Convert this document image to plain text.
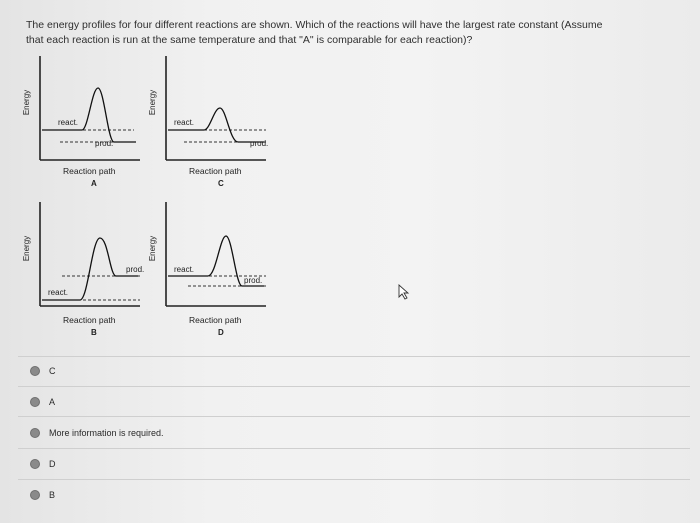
The energy profiles for four different reactions are shown. Which of the reactions will have the largest rate constant (Assume
that each reaction is run at the same temperature and that "A" is comparable for each reaction)?
Energy
react.
prod.
Reaction path
A
Energy
react.
prod.
Reaction path
C
Energy
react.
prod.
Reaction path
B
Energy
react.
prod.
Reaction path
D
C
A
More information is required.
D
B
